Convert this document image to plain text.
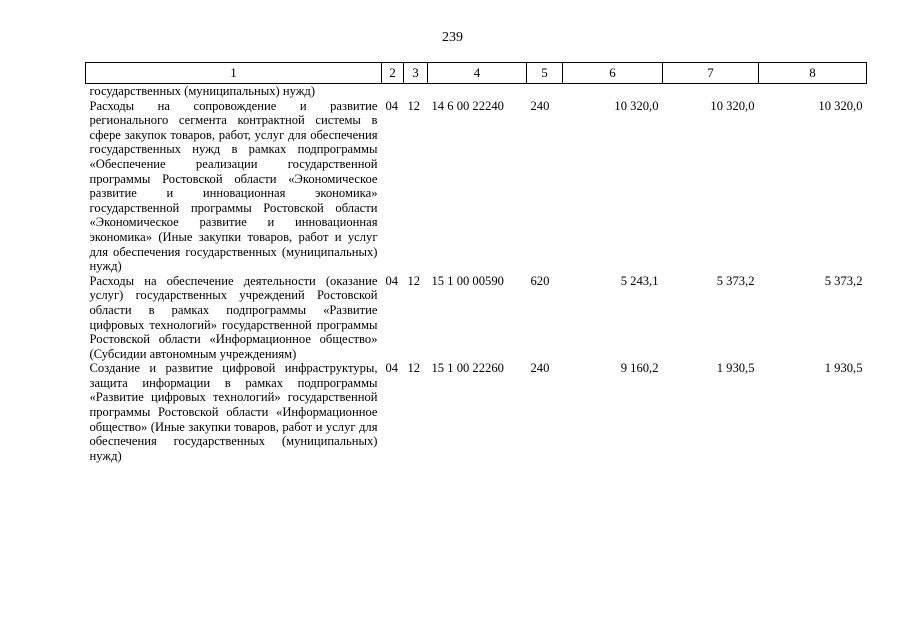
239
1	2	3	4	5	6	7	8
государственных (муниципальных) нужд)							
Расходы на сопровождение и развитие регионального сегмента контрактной системы в сфере закупок товаров, работ, услуг для обеспечения государственных нужд в рамках подпрограммы «Обеспечение реализации государственной программы Ростовской области «Экономическое развитие и инновационная экономика» государственной программы Ростовской области «Экономическое развитие и инновационная экономика» (Иные закупки товаров, работ и услуг для обеспечения государственных (муниципальных) нужд)	04	12	14 6 00 22240	240	10 320,0	10 320,0	10 320,0
Расходы на обеспечение деятельности (оказание услуг) государственных учреждений Ростовской области в рамках подпрограммы «Развитие цифровых технологий» государственной программы Ростовской области «Информационное общество» (Субсидии автономным учреждениям)	04	12	15 1 00 00590	620	5 243,1	5 373,2	5 373,2
Создание и развитие цифровой инфраструктуры, защита информации в рамках подпрограммы «Развитие цифровых технологий» государственной программы Ростовской области «Информационное общество» (Иные закупки товаров, работ и услуг для обеспечения государственных (муниципальных) нужд)	04	12	15 1 00 22260	240	9 160,2	1 930,5	1 930,5
